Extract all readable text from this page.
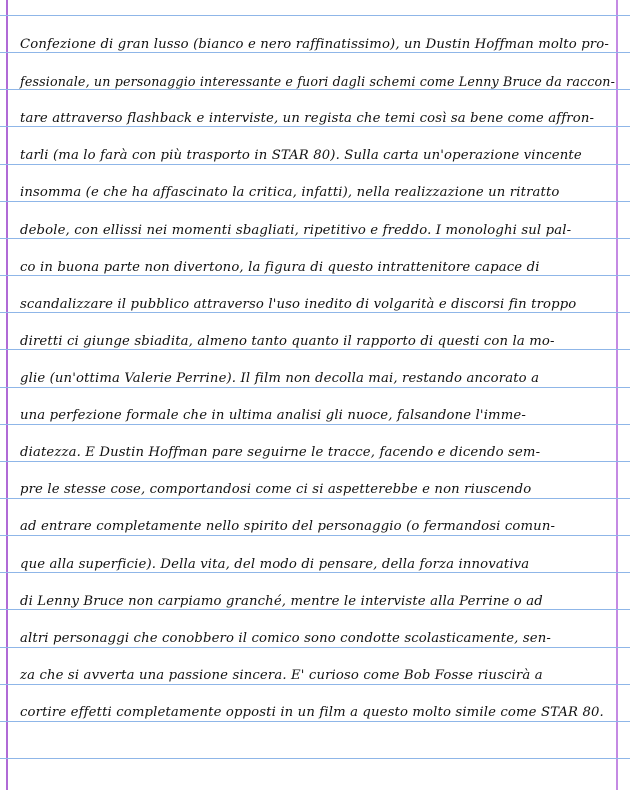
Confezione di gran lusso (bianco e nero raffinatissimo), un Dustin Hoffman molto pro-
fessionale, un personaggio interessante e fuori dagli schemi come Lenny Bruce da raccon-
tare attraverso flashback e interviste, un regista che temi così sa bene come affron-
tarli (ma lo farà con più trasporto in STAR 80). Sulla carta un'operazione vincente
insomma (e che ha affascinato la critica, infatti), nella realizzazione un ritratto
debole, con ellissi nei momenti sbagliati, ripetitivo e freddo. I monologhi sul pal-
co in buona parte non divertono, la figura di questo intrattenitore capace di
scandalizzare il pubblico attraverso l'uso inedito di volgarità e discorsi fin troppo
diretti ci giunge sbiadita, almeno tanto quanto il rapporto di questi con la mo-
glie (un'ottima Valerie Perrine). Il film non decolla mai, restando ancorato a
una perfezione formale che in ultima analisi gli nuoce, falsandone l'imme-
diatezza. E Dustin Hoffman pare seguirne le tracce, facendo e dicendo sem-
pre le stesse cose, comportandosi come ci si aspetterebbe e non riuscendo
ad entrare completamente nello spirito del personaggio (o fermandosi comun-
que alla superficie). Della vita, del modo di pensare, della forza innovativa
di Lenny Bruce non carpiamo granché, mentre le interviste alla Perrine o ad
altri personaggi che conobbero il comico sono condotte scolasticamente, sen-
za che si avverta una passione sincera. E' curioso come Bob Fosse riuscirà a
cortire effetti completamente opposti in un film a questo molto simile come STAR 80.
